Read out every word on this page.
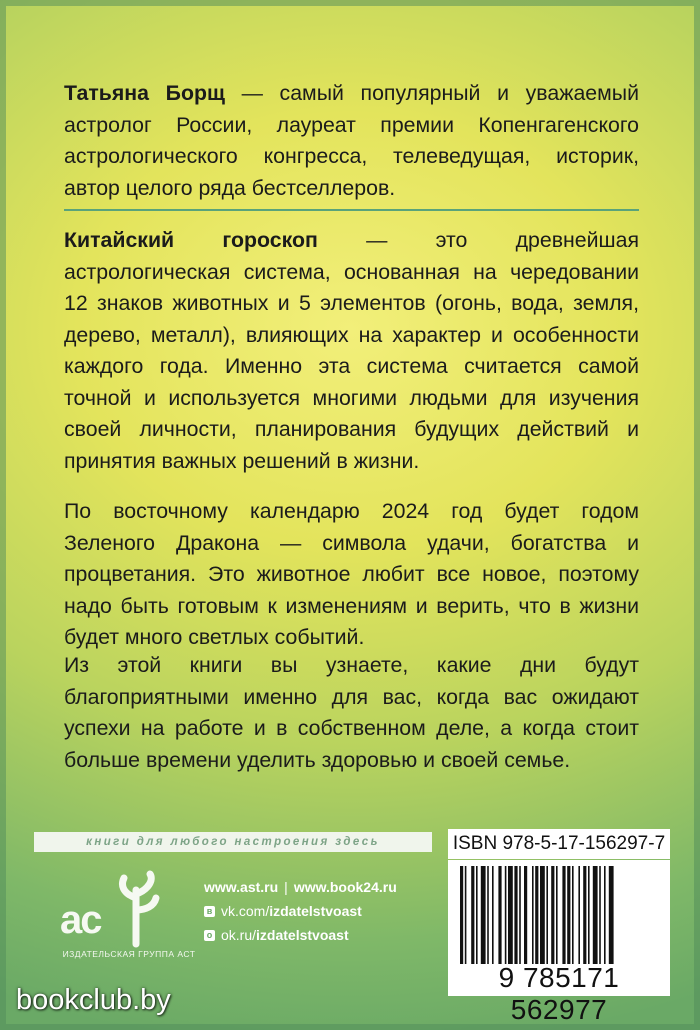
Татьяна Борщ — самый популярный и уважаемый астролог России, лауреат премии Копенгагенского астрологического конгресса, телеведущая, историк, автор целого ряда бестселлеров.

Китайский гороскоп — это древнейшая астрологическая система, основанная на чередовании 12 знаков животных и 5 элементов (огонь, вода, земля, дерево, металл), влияющих на характер и особенности каждого года. Именно эта система считается самой точной и используется многими людьми для изучения своей личности, планирования будущих действий и принятия важных решений в жизни.

По восточному календарю 2024 год будет годом Зеленого Дракона — символа удачи, богатства и процветания. Это животное любит все новое, поэтому надо быть готовым к изменениям и верить, что в жизни будет много светлых событий.

Из этой книги вы узнаете, какие дни будут благоприятными именно для вас, когда вас ожидают успехи на работе и в собственном деле, а когда стоит больше времени уделить здоровью и своей семье.

книги для любого настроения здесь	ISBN 978-5-17-156297-7
9 785171 562977
ас
ИЗДАТЕЛЬСКАЯ ГРУППА АСТ
www.ast.ru | www.book24.ru
в vk.com/izdatelstvoast
о ok.ru/izdatelstvoast
bookclub.by
